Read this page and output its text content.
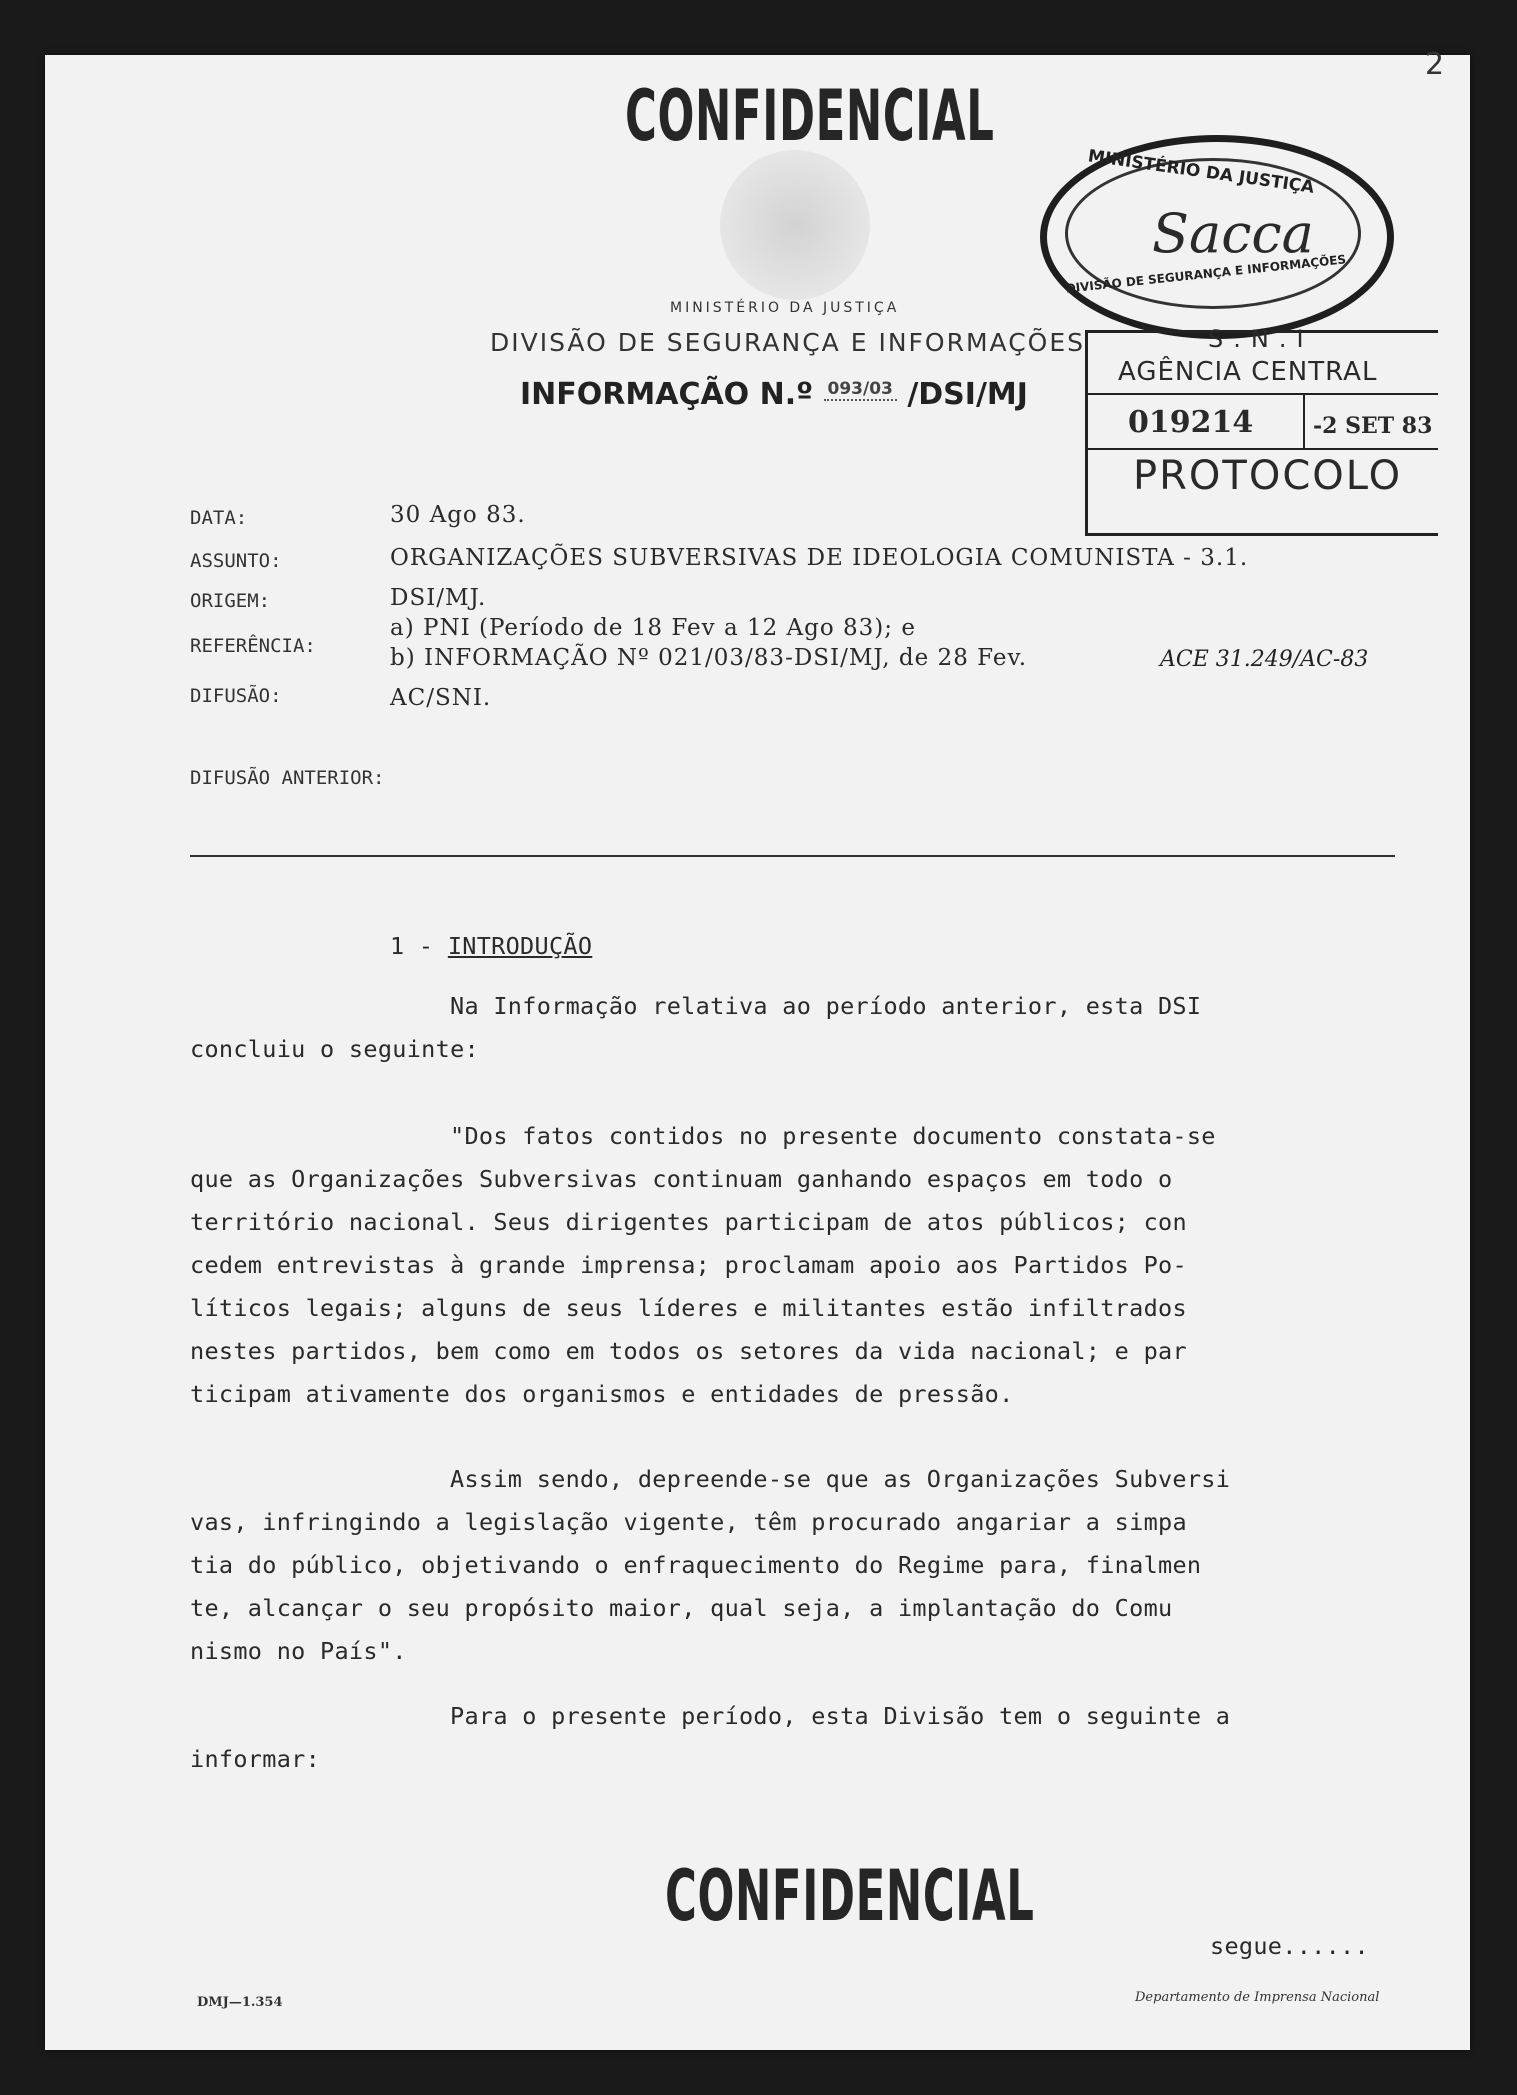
2
CONFIDENCIAL
MINISTÉRIO DA JUSTIÇA
DIVISÃO DE SEGURANÇA E INFORMAÇÕES
INFORMAÇÃO N.º $^{093/03}$ /DSI/MJ
MINISTÉRIO DA JUSTIÇA
Sacca
DIVISÃO DE SEGURANÇA E INFORMAÇÕES
S.N.I
AGÊNCIA CENTRAL
019214	-2 SET 83
PROTOCOLO
DATA:	30 Ago 83.
ASSUNTO:	ORGANIZAÇÕES SUBVERSIVAS DE IDEOLOGIA COMUNISTA - 3.1.
ORIGEM:	DSI/MJ.
REFERÊNCIA:
a) PNI (Período de 18 Fev a 12 Ago 83); e
b) INFORMAÇÃO Nº 021/03/83-DSI/MJ, de 28 Fev.	ACE 31.249/AC-83
DIFUSÃO:	AC/SNI.
DIFUSÃO ANTERIOR:
1 - INTRODUÇÃO
Na Informação relativa ao período anterior, esta DSI
concluiu o seguinte:
"Dos fatos contidos no presente documento constata-se
que as Organizações Subversivas continuam ganhando espaços em todo o
território nacional. Seus dirigentes participam de atos públicos; con
cedem entrevistas à grande imprensa; proclamam apoio aos Partidos Po-
líticos legais; alguns de seus líderes e militantes estão infiltrados
nestes partidos, bem como em todos os setores da vida nacional; e par
ticipam ativamente dos organismos e entidades de pressão.
Assim sendo, depreende-se que as Organizações Subversi
vas, infringindo a legislação vigente, têm procurado angariar a simpa
tia do público, objetivando o enfraquecimento do Regime para, finalmen
te, alcançar o seu propósito maior, qual seja, a implantação do Comu
nismo no País".
Para o presente período, esta Divisão tem o seguinte a
informar:
CONFIDENCIAL
segue......
DMJ—1.354	Departamento de Imprensa Nacional
